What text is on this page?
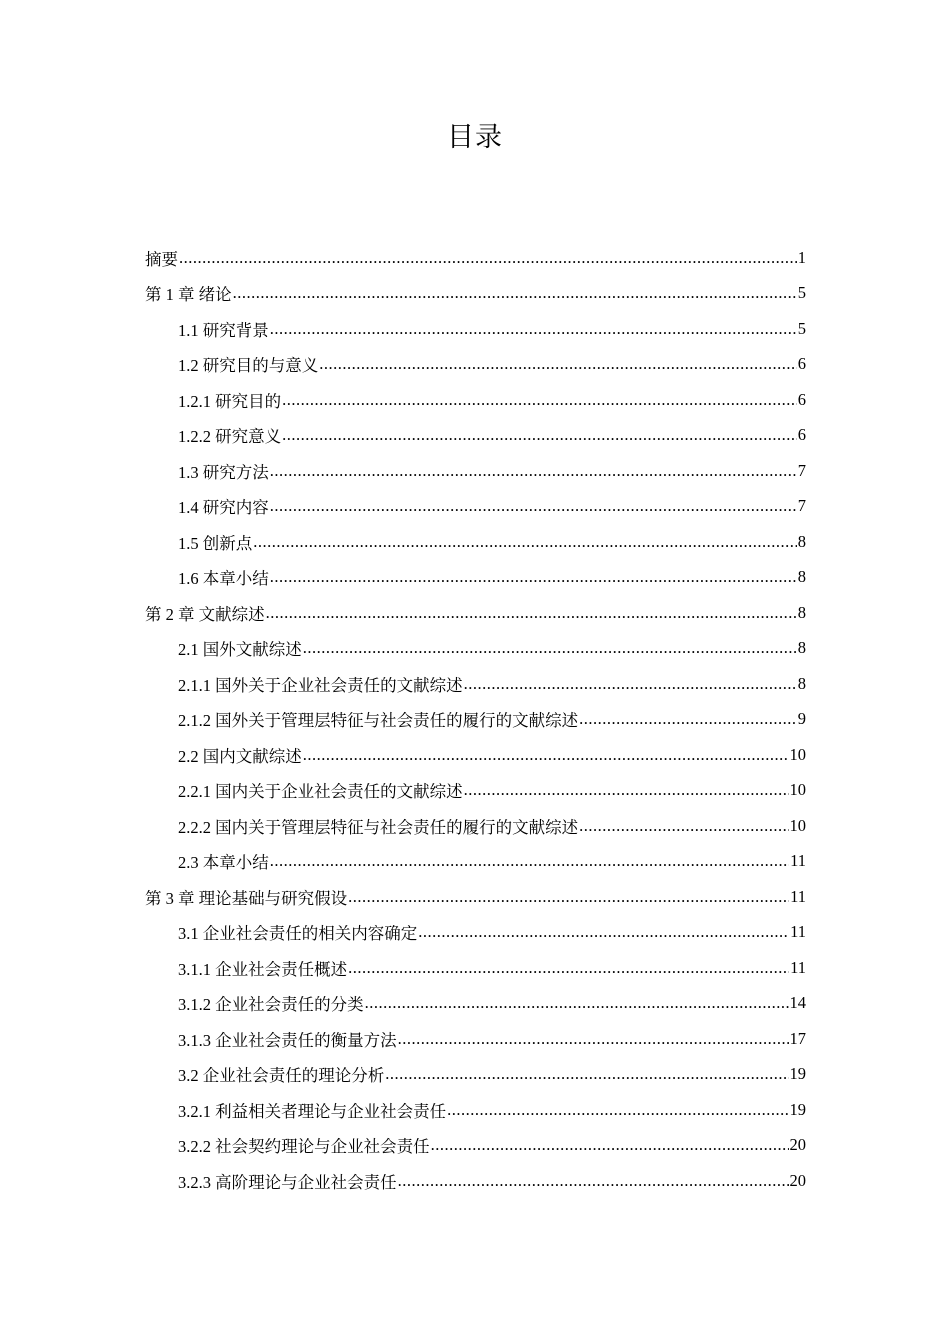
目录
摘要 .....	1
第 1 章 绪论 .....	5
1.1 研究背景 .....	5
1.2 研究目的与意义 .....	6
1.2.1 研究目的 .....	6
1.2.2 研究意义 .....	6
1.3 研究方法 .....	7
1.4 研究内容 .....	7
1.5 创新点 .....	8
1.6 本章小结 .....	8
第 2 章 文献综述 .....	8
2.1 国外文献综述 .....	8
2.1.1 国外关于企业社会责任的文献综述 .....	8
2.1.2 国外关于管理层特征与社会责任的履行的文献综述 .....	9
2.2 国内文献综述 .....	10
2.2.1 国内关于企业社会责任的文献综述 .....	10
2.2.2 国内关于管理层特征与社会责任的履行的文献综述 .....	10
2.3 本章小结 .....	11
第 3 章 理论基础与研究假设 .....	11
3.1 企业社会责任的相关内容确定 .....	11
3.1.1 企业社会责任概述 .....	11
3.1.2 企业社会责任的分类 .....	14
3.1.3 企业社会责任的衡量方法 .....	17
3.2 企业社会责任的理论分析 .....	19
3.2.1 利益相关者理论与企业社会责任 .....	19
3.2.2 社会契约理论与企业社会责任 .....	20
3.2.3 高阶理论与企业社会责任 .....	20
